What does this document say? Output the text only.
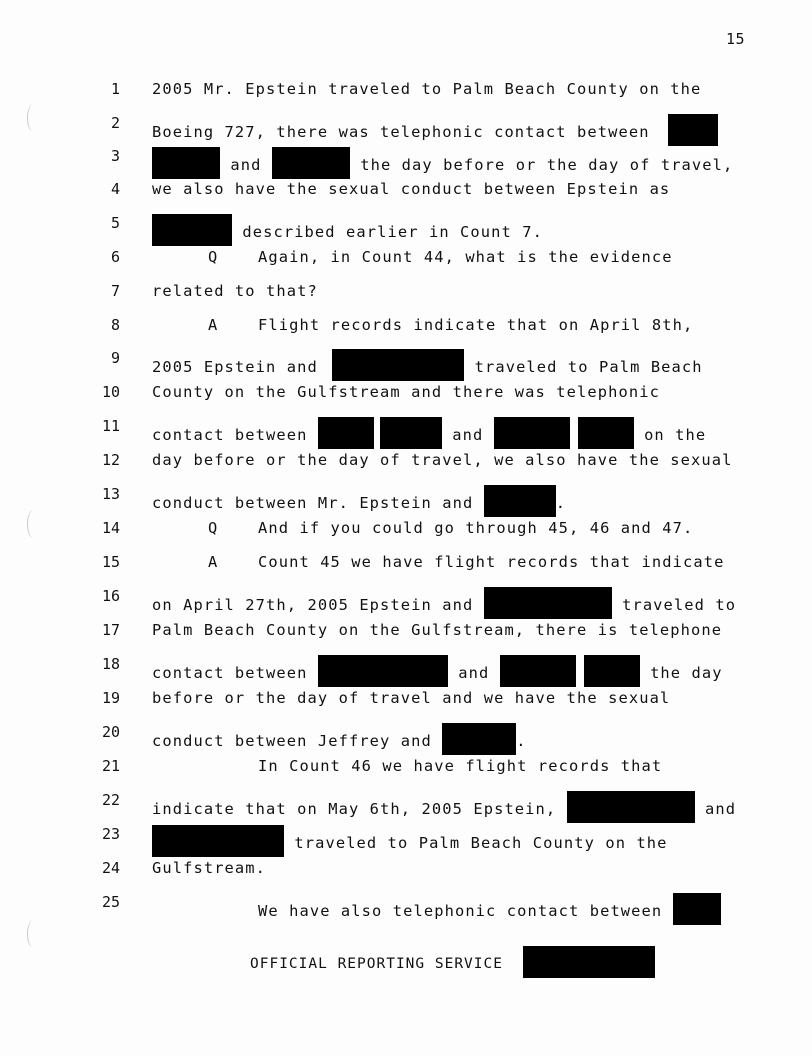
15
1 2005 Mr. Epstein traveled to Palm Beach County on the
2 Boeing 727, there was telephonic contact between
3	and	the day before or the day of travel,
4 we also have the sexual conduct between Epstein as
5	described earlier in Count 7.
6	Q	Again, in Count 44, what is the evidence
7 related to that?
8	A	Flight records indicate that on April 8th,
9 2005 Epstein and	traveled to Palm Beach
10 County on the Gulfstream and there was telephonic
11 contact between	and	on the
12 day before or the day of travel, we also have the sexual
13 conduct between Mr. Epstein and	.
14	Q	And if you could go through 45, 46 and 47.
15	A	Count 45 we have flight records that indicate
16 on April 27th, 2005 Epstein and	traveled to
17 Palm Beach County on the Gulfstream, there is telephone
18 contact between	and	the day
19 before or the day of travel and we have the sexual
20 conduct between Jeffrey and	.
21	In Count 46 we have flight records that
22 indicate that on May 6th, 2005 Epstein,	and
23	traveled to Palm Beach County on the
24 Gulfstream.
25	We have also telephonic contact between
OFFICIAL REPORTING SERVICE
